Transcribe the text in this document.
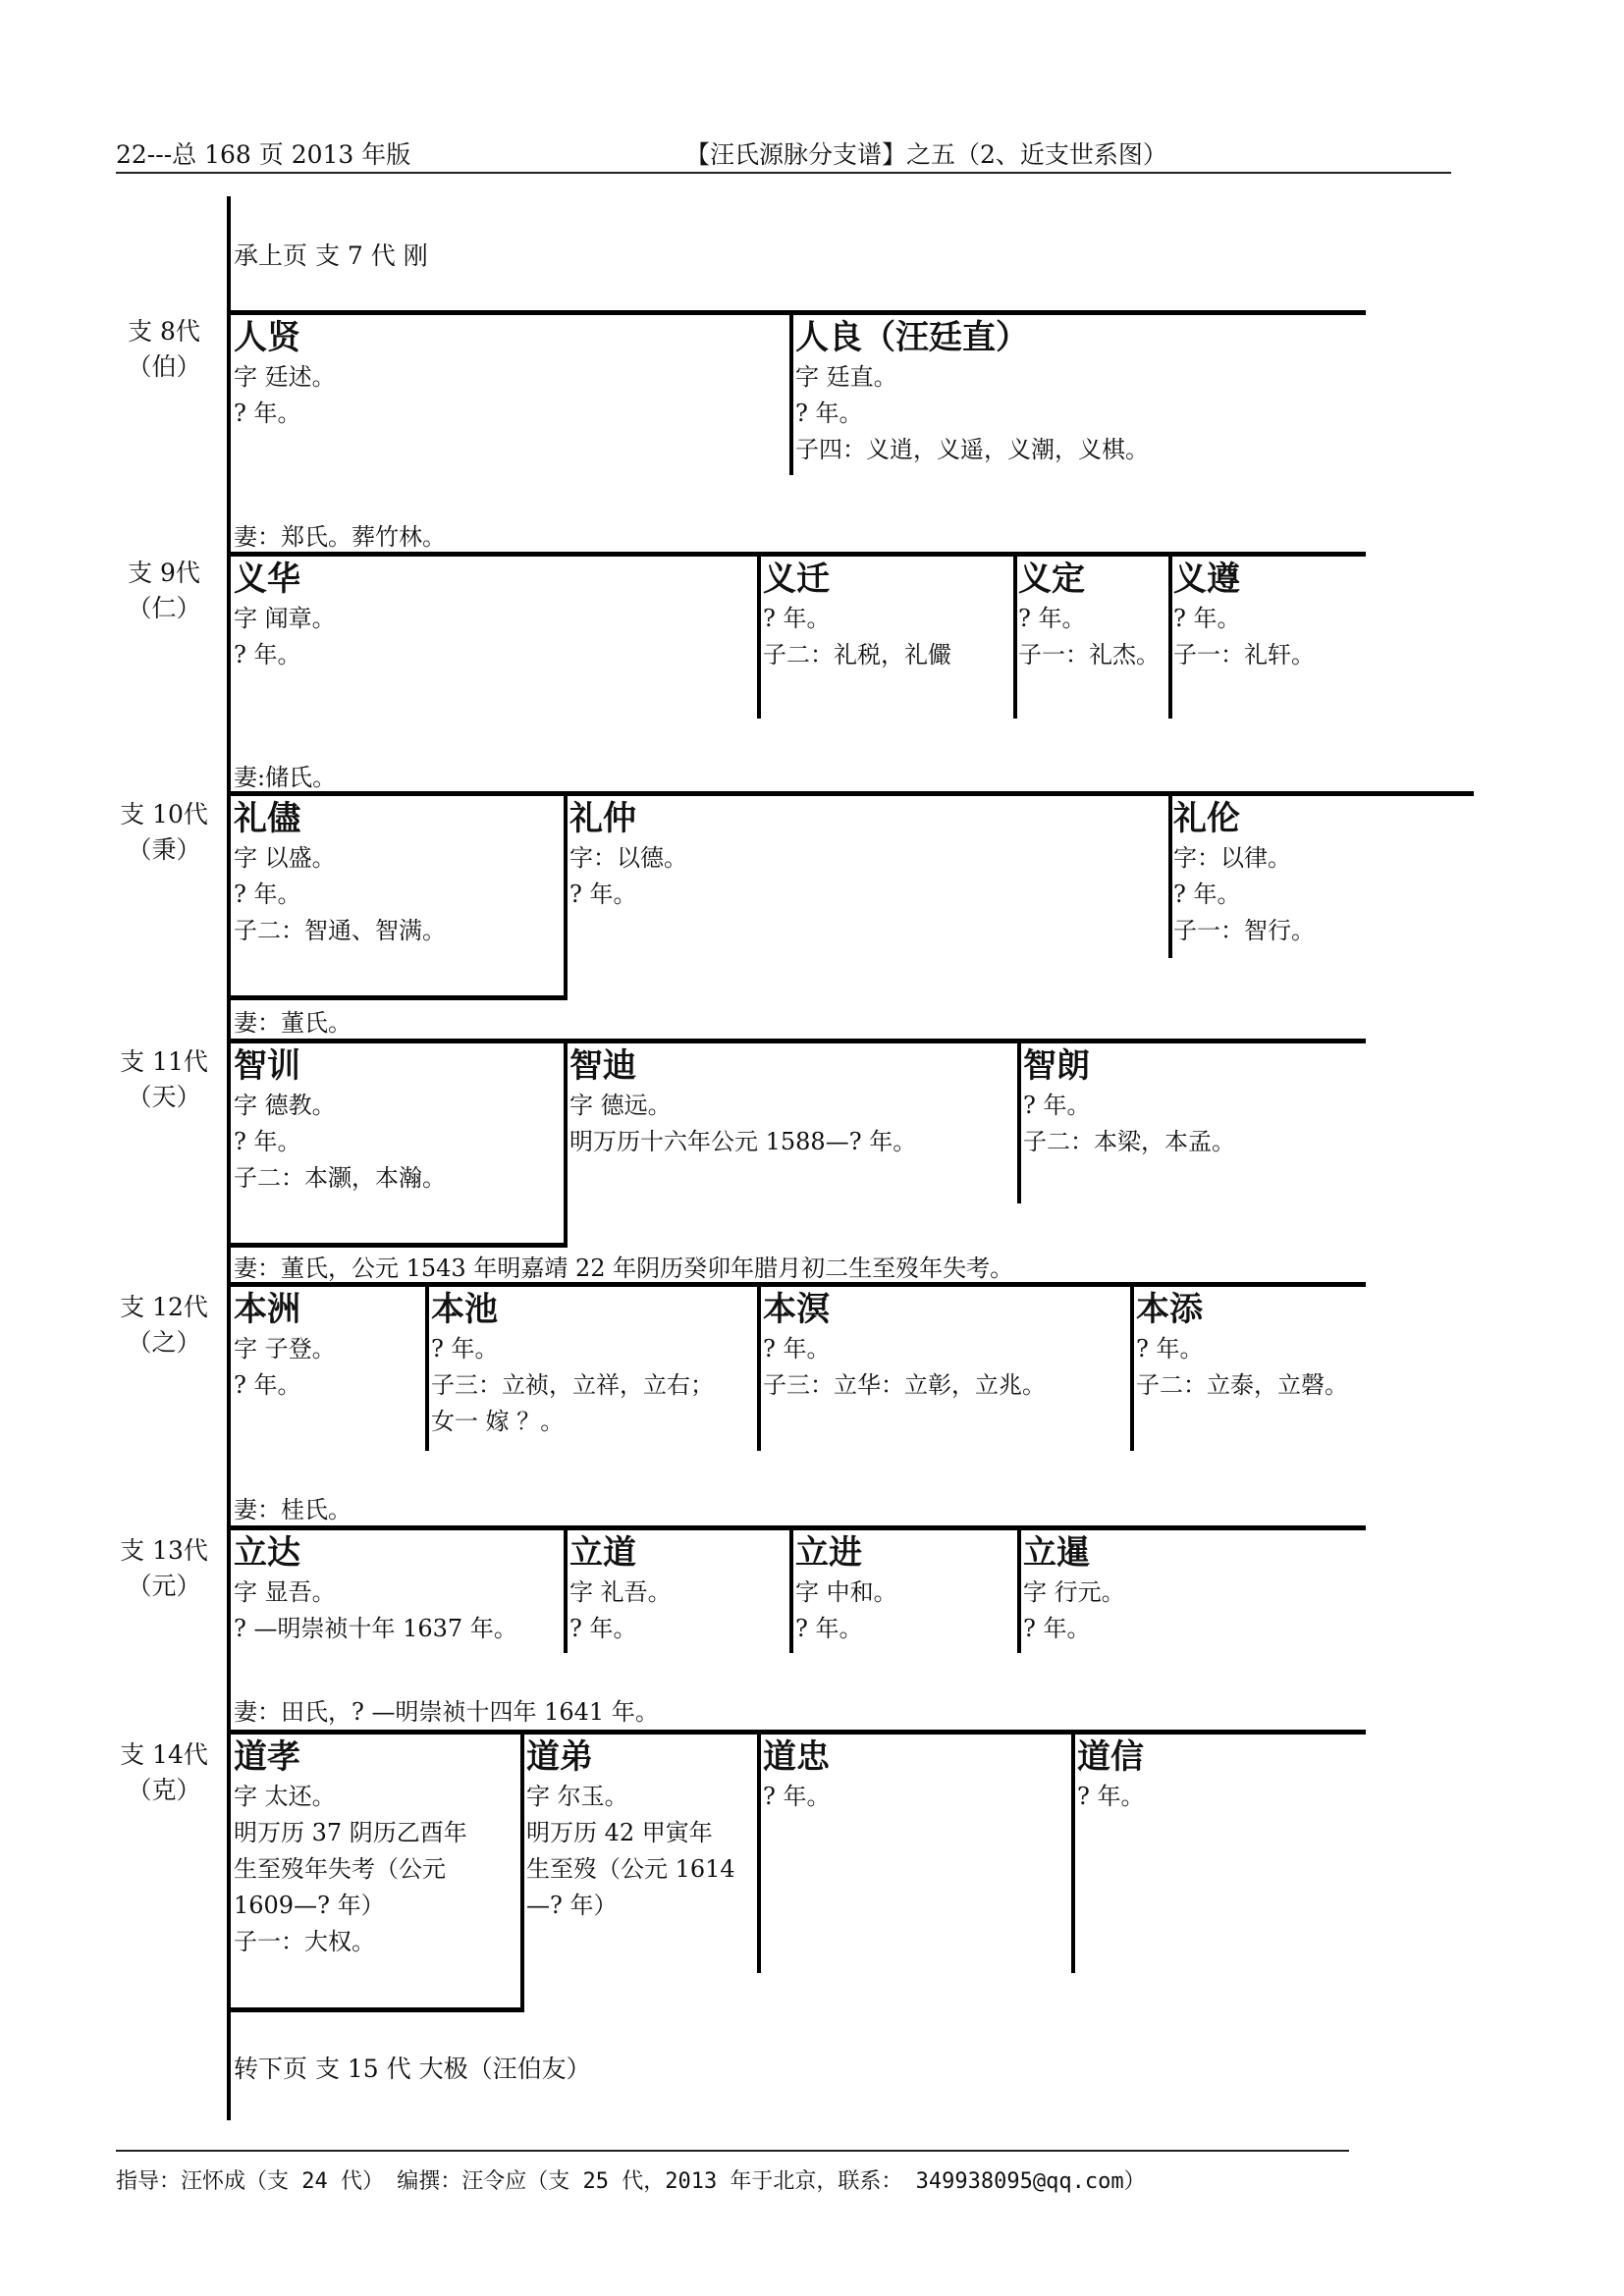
22---总 168 页 2013 年版	【汪氏源脉分支谱】之五（2、近支世系图）
承上页 支 7 代 刚
支 8代
（伯）
人贤
字 廷述。
? 年。
人良（汪廷直）
字 廷直。
? 年。
子四：义逍，义遥，义潮，义棋。
妻：郑氏。葬竹林。
支 9代
（仁）
义华
字 闻章。
? 年。
义迁
? 年。
子二：礼税，礼儼
义定
? 年。
子一：礼杰。
义遵
? 年。
子一：礼轩。
妻:储氏。
支 10代
（秉）
礼儘
字 以盛。
? 年。
子二：智通、智满。
礼仲
字：以德。
? 年。
礼伦
字：以律。
? 年。
子一：智行。
妻：董氏。
支 11代
（天）
智训
字 德教。
? 年。
子二：本灏，本瀚。
智迪
字 德远。
明万历十六年公元 1588—? 年。
智朗
? 年。
子二：本梁，本孟。
妻：董氏，公元 1543 年明嘉靖 22 年阴历癸卯年腊月初二生至歿年失考。
支 12代
（之）
本洲
字 子登。
? 年。
本池
? 年。
子三：立祯，立祥，立右；
女一 嫁 ？。
本溟
? 年。
子三：立华：立彰，立兆。
本添
? 年。
子二：立泰，立磬。
妻：桂氏。
支 13代
（元）
立达
字 显吾。
? —明崇祯十年 1637 年。
立道
字 礼吾。
? 年。
立进
字 中和。
? 年。
立暹
字 行元。
? 年。
妻：田氏，? —明崇祯十四年 1641 年。
支 14代
（克）
道孝
字 太还。
明万历 37 阴历乙酉年
生至歿年失考（公元
1609—? 年）
子一：大权。
道弟
字 尔玉。
明万历 42 甲寅年
生至歿（公元 1614
—? 年）
道忠
? 年。
道信
? 年。
转下页 支 15 代 大极（汪伯友）
指导：汪怀成（支 24 代） 编撰：汪令应（支 25 代，2013 年于北京，联系： 349938095@qq.com）
